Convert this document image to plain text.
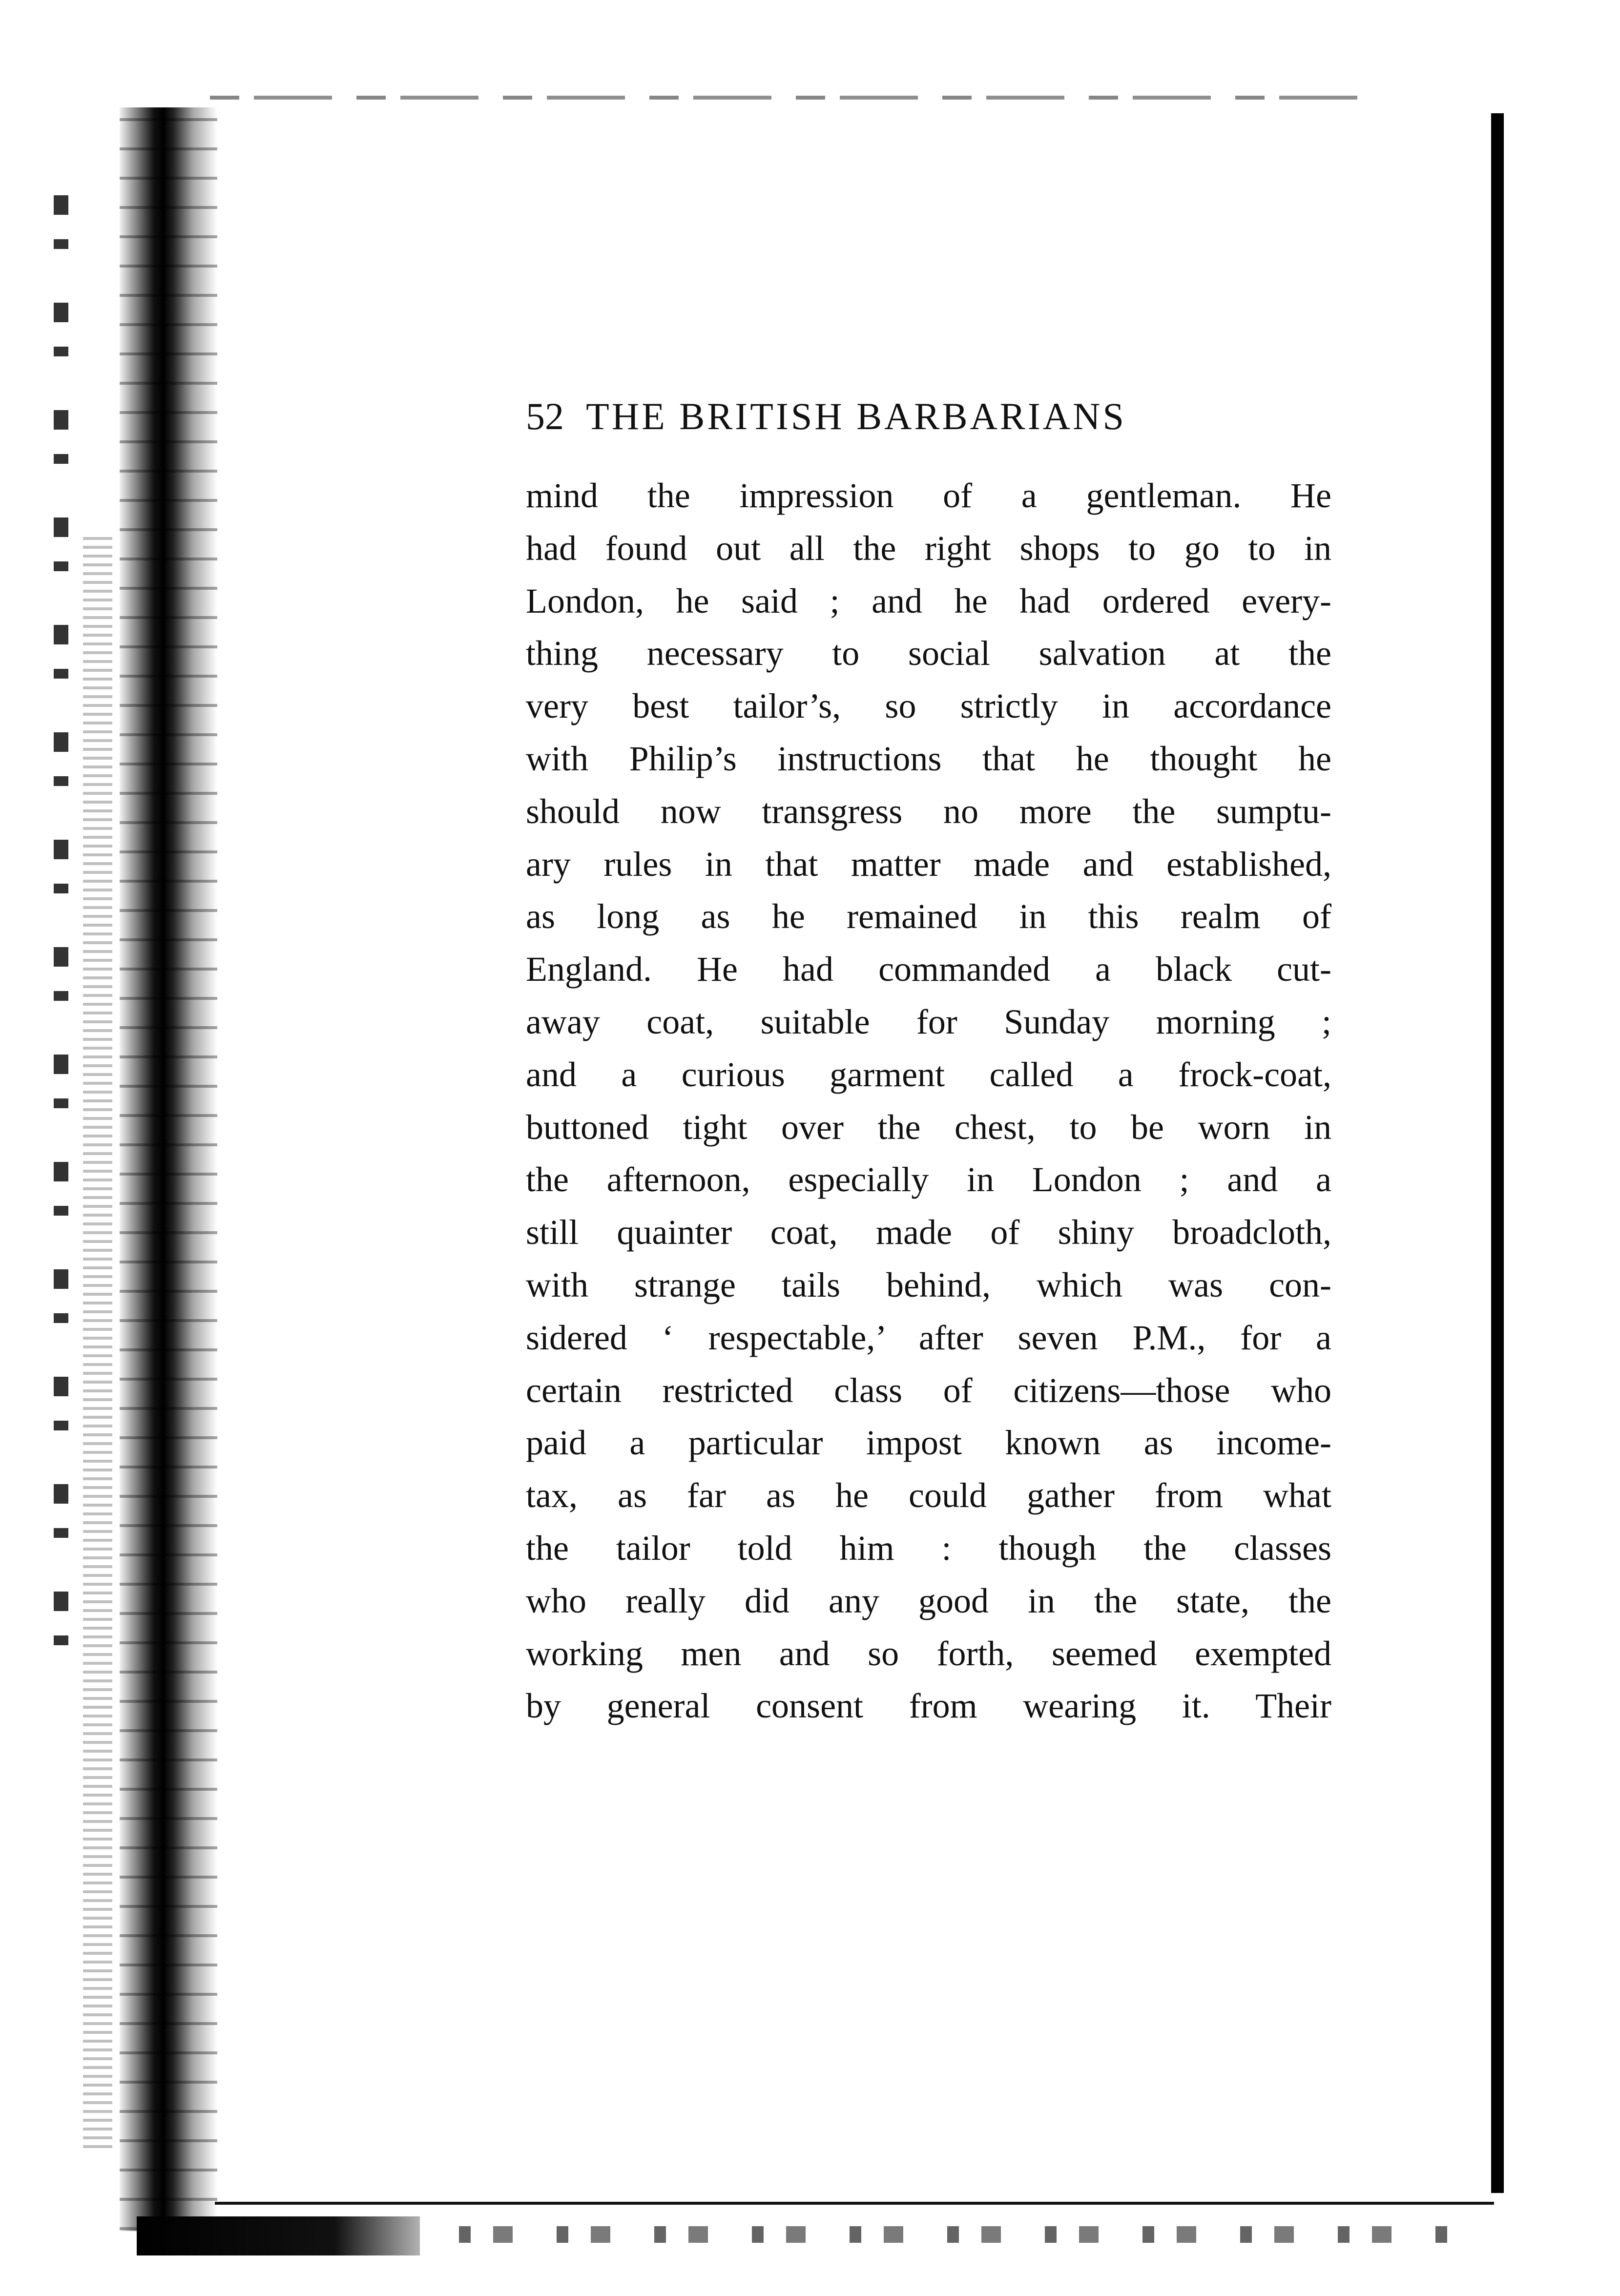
52 THE BRITISH BARBARIANS
mind the impression of a gentleman. He
had found out all the right shops to go to in
London, he said ; and he had ordered every-
thing necessary to social salvation at the
very best tailor’s, so strictly in accordance
with Philip’s instructions that he thought he
should now transgress no more the sumptu-
ary rules in that matter made and established,
as long as he remained in this realm of
England. He had commanded a black cut-
away coat, suitable for Sunday morning ;
and a curious garment called a frock-coat,
buttoned tight over the chest, to be worn in
the afternoon, especially in London ; and a
still quainter coat, made of shiny broadcloth,
with strange tails behind, which was con-
sidered ‘ respectable,’ after seven P.M., for a
certain restricted class of citizens—those who
paid a particular impost known as income-
tax, as far as he could gather from what
the tailor told him : though the classes
who really did any good in the state, the
working men and so forth, seemed exempted
by general consent from wearing it. Their
